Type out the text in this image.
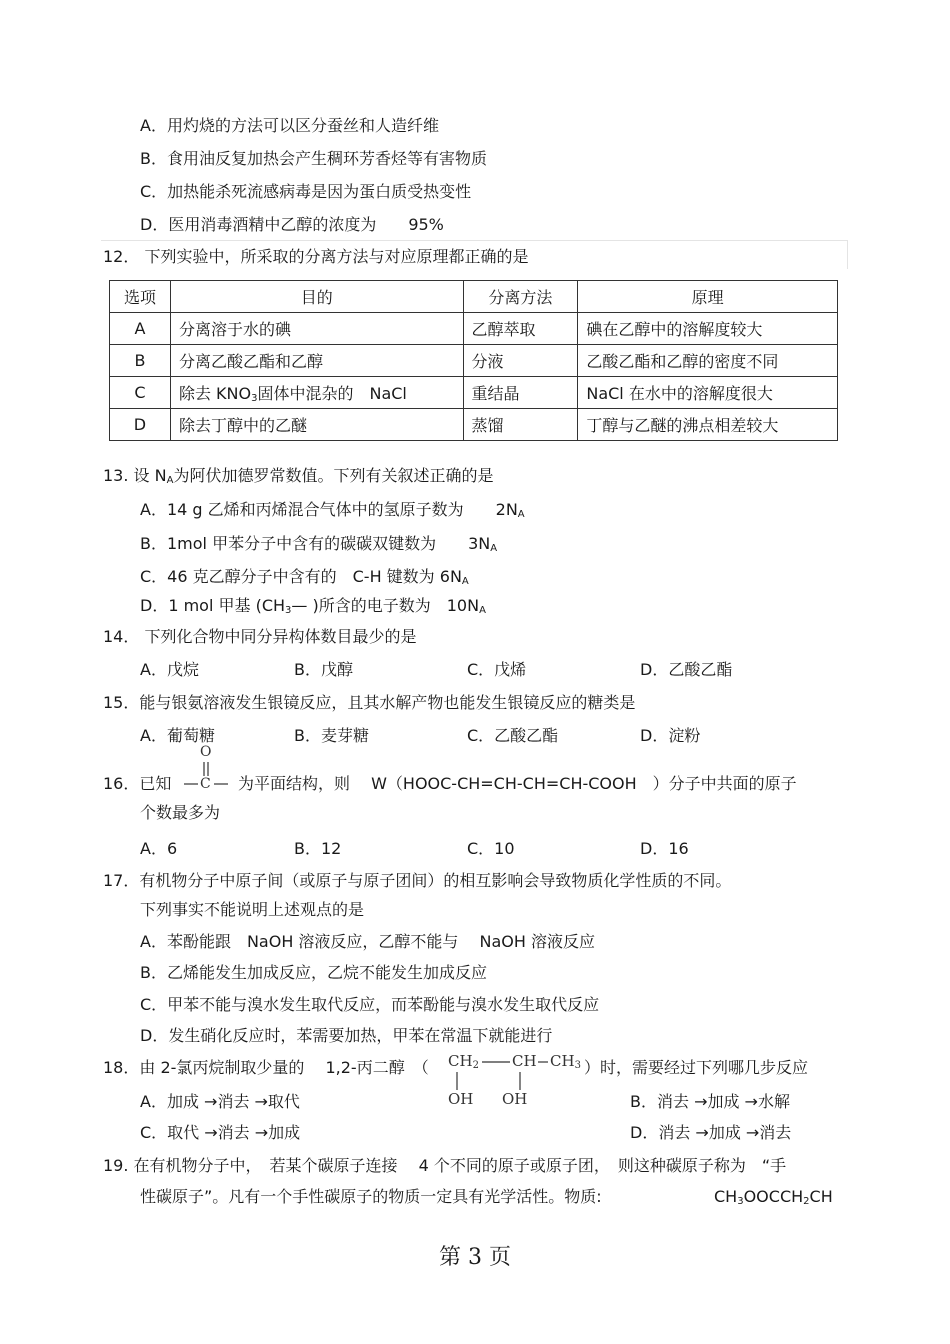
A．用灼烧的方法可以区分蚕丝和人造纤维
B．食用油反复加热会产生稠环芳香烃等有害物质
C．加热能杀死流感病毒是因为蛋白质受热变性
D．医用消毒酒精中乙醇的浓度为　　95%
12． 下列实验中，所采取的分离方法与对应原理都正确的是
选项	目的	分离方法	原理
A	分离溶于水的碘	乙醇萃取	碘在乙醇中的溶解度较大
B	分离乙酸乙酯和乙醇	分液	乙酸乙酯和乙醇的密度不同
C	除去 $KNO_3$固体中混杂的　NaCl	重结晶	NaCl 在水中的溶解度很大
D	除去丁醇中的乙醚	蒸馏	丁醇与乙醚的沸点相差较大
13. 设 $N_A$为阿伏加德罗常数值。下列有关叙述正确的是
A．14 g 乙烯和丙烯混合气体中的氢原子数为　　$2N_A$
B．1mol 甲苯分子中含有的碳碳双键数为　　$3N_A$
C．46 克乙醇分子中含有的　C-H 键数为 $6N_A$
D．1 mol 甲基 ($CH_3—$ )所含的电子数为　$10N_A$
14． 下列化合物中同分异构体数目最少的是
A．戊烷	B．戊醇	C．戊烯	D．乙酸乙酯
15．能与银氨溶液发生银镜反应，且其水解产物也能发生银镜反应的糖类是
A．葡萄糖	B．麦芽糖	C．乙酸乙酯	D．淀粉
16．已知
O
C 为平面结构，则　 W（HOOC-CH=CH-CH=CH-COOH　）分子中共面的原子
个数最多为
A．6	B．12	C．10	D．16
17．有机物分子中原子间（或原子与原子团间）的相互影响会导致物质化学性质的不同。
下列事实不能说明上述观点的是
A．苯酚能跟　NaOH 溶液反应，乙醇不能与　 NaOH 溶液反应
B．乙烯能发生加成反应，乙烷不能发生加成反应
C．甲苯不能与溴水发生取代反应，而苯酚能与溴水发生取代反应
D．发生硝化反应时，苯需要加热，甲苯在常温下就能进行
18．由 2-氯丙烷制取少量的　 1,2-丙二醇　（ $CH_2$ CH $CH_3$
OH OH
）时，需要经过下列哪几步反应
A．加成 →消去 →取代	B．消去 →加成 →水解
C．取代 →消去 →加成	D．消去 →加成 →消去
19. 在有机物分子中，　若某个碳原子连接　 4 个不同的原子或原子团，　则这种碳原子称为　“手
性碳原子”。凡有一个手性碳原子的物质一定具有光学活性。物质:	$CH_3OOCCH_2CH$
第 3 页
